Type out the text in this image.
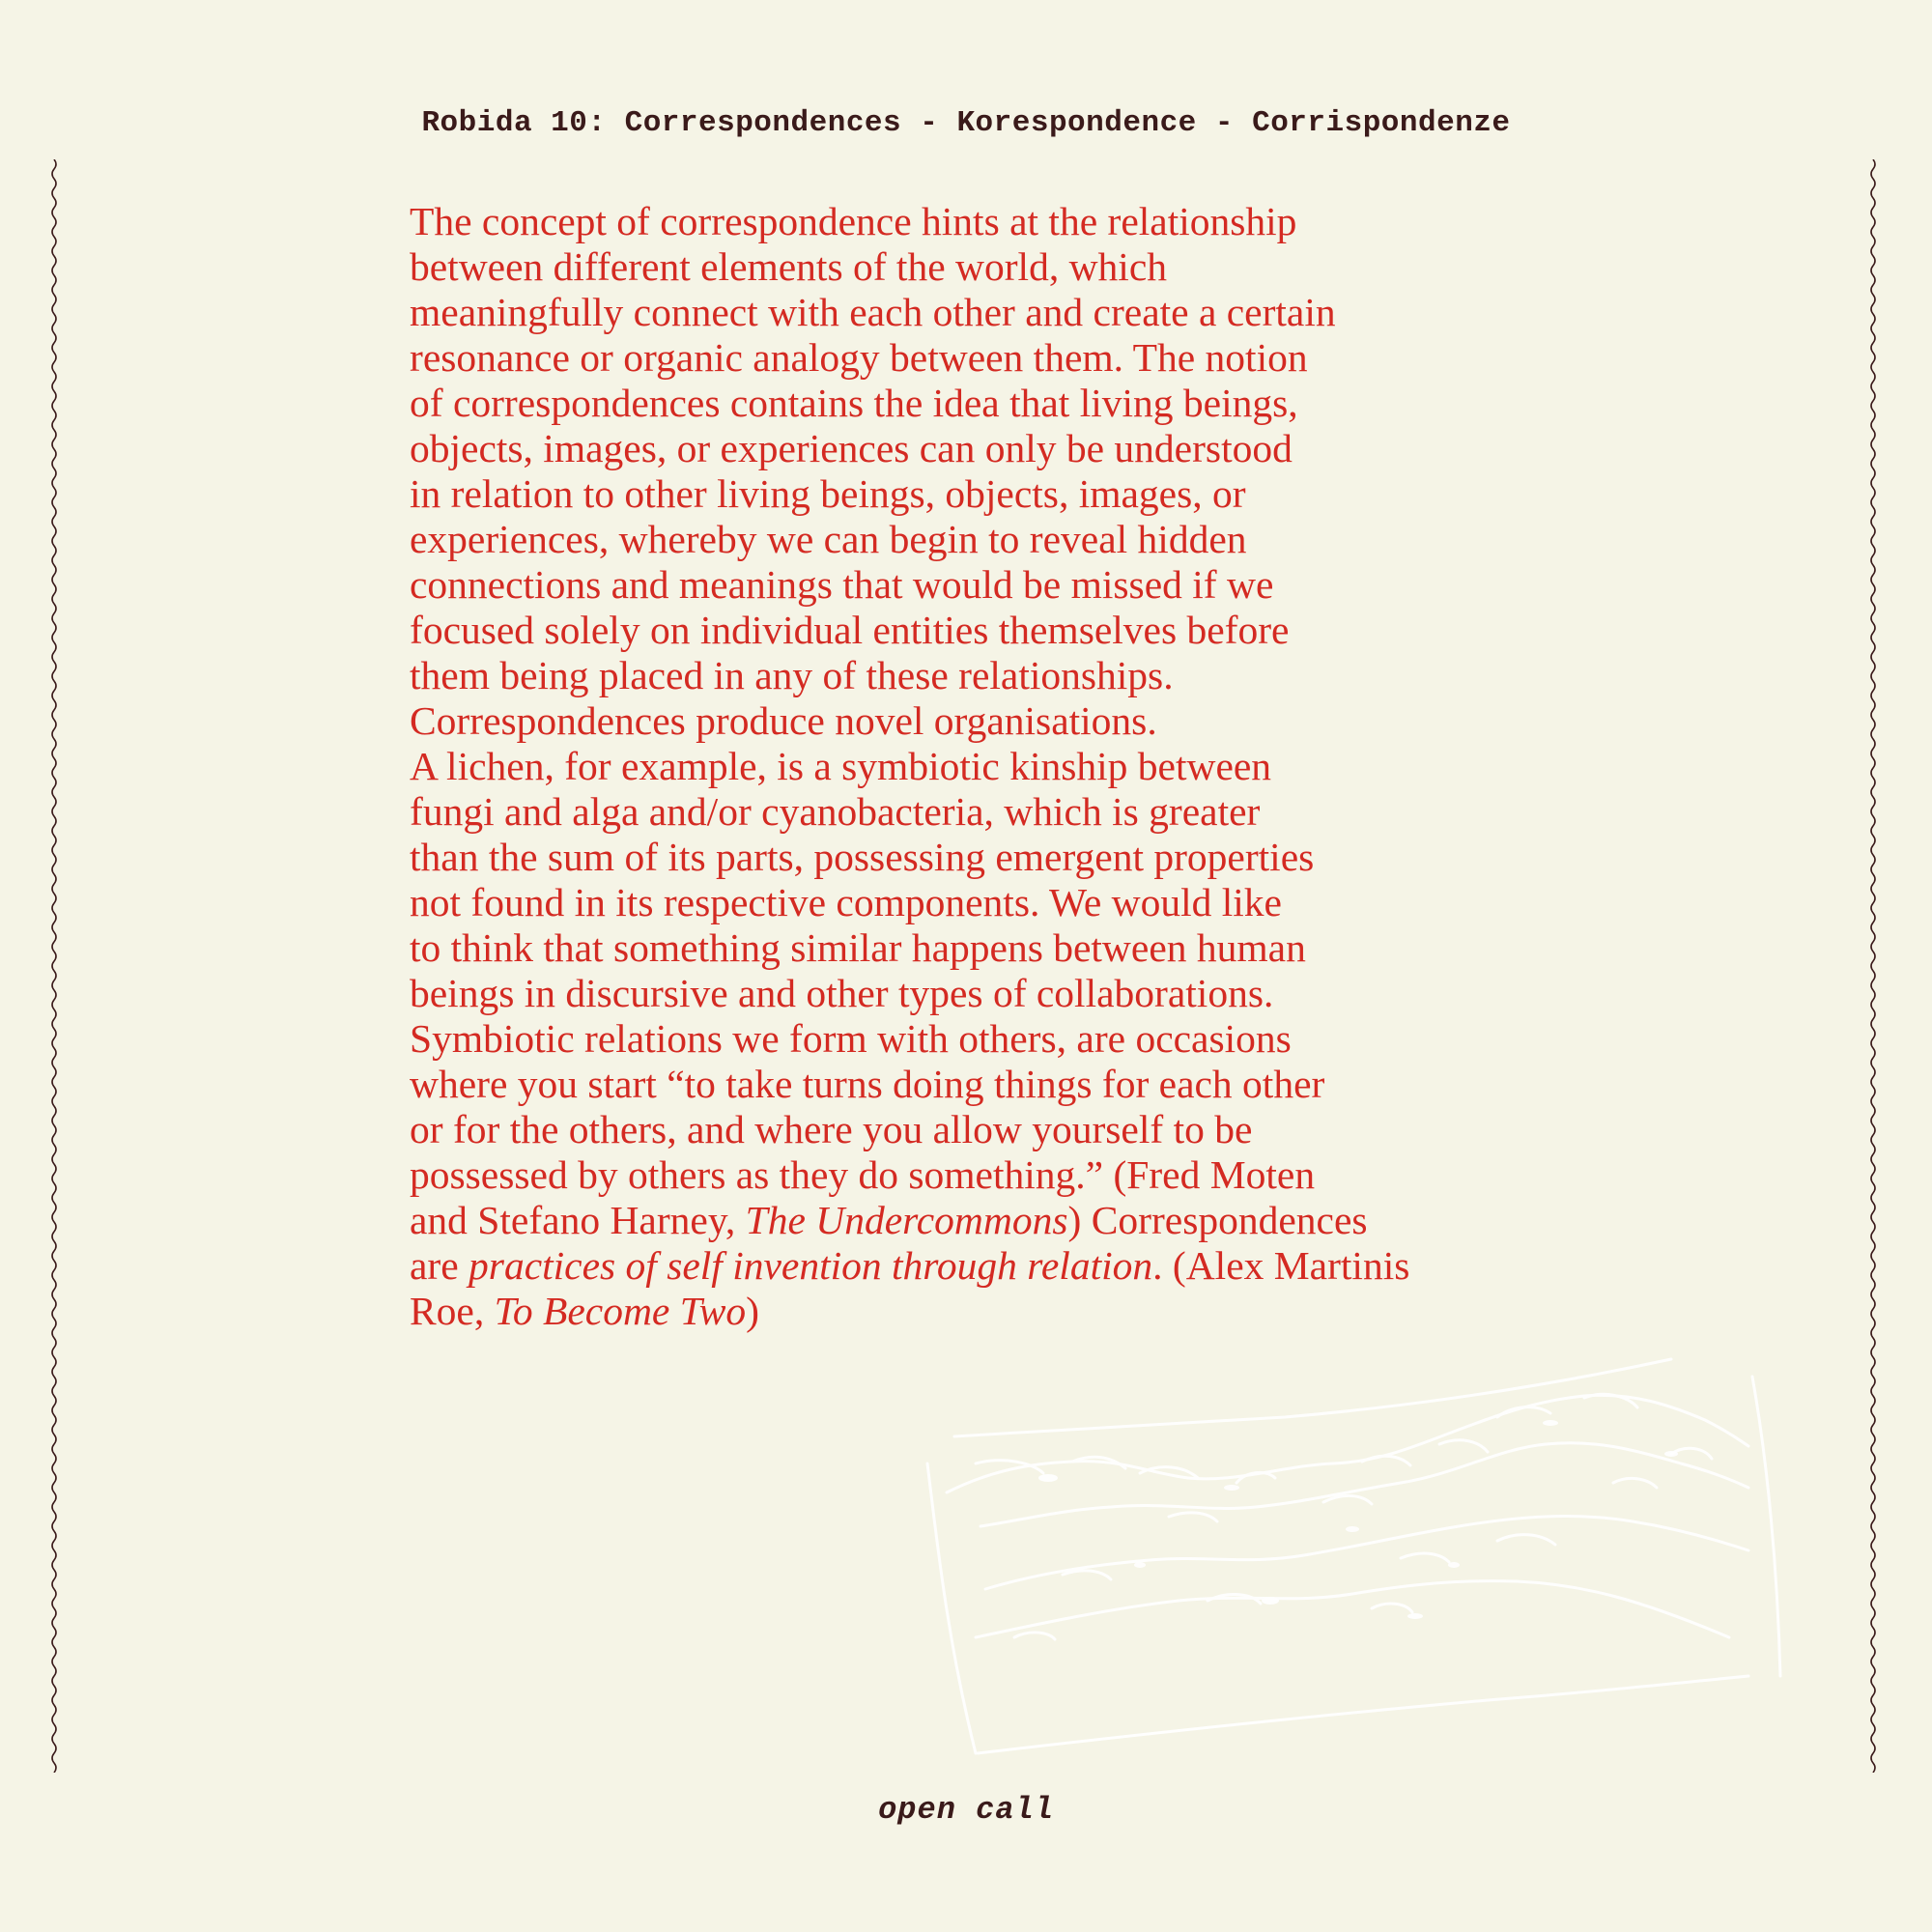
Robida 10: Correspondences - Korespondence - Corrispondenze
The concept of correspondence hints at the relationship
between different elements of the world, which
meaningfully connect with each other and create a certain
resonance or organic analogy between them. The notion
of correspondences contains the idea that living beings,
objects, images, or experiences can only be understood
in relation to other living beings, objects, images, or
experiences, whereby we can begin to reveal hidden
connections and meanings that would be missed if we
focused solely on individual entities themselves before
them being placed in any of these relationships.
Correspondences produce novel organisations.
A lichen, for example, is a symbiotic kinship between
fungi and alga and/or cyanobacteria, which is greater
than the sum of its parts, possessing emergent properties
not found in its respective components. We would like
to think that something similar happens between human
beings in discursive and other types of collaborations.
Symbiotic relations we form with others, are occasions
where you start “to take turns doing things for each other
or for the others, and where you allow yourself to be
possessed by others as they do something.” (Fred Moten
and Stefano Harney, The Undercommons) Correspondences
are practices of self invention through relation. (Alex Martinis
Roe, To Become Two)
open call
